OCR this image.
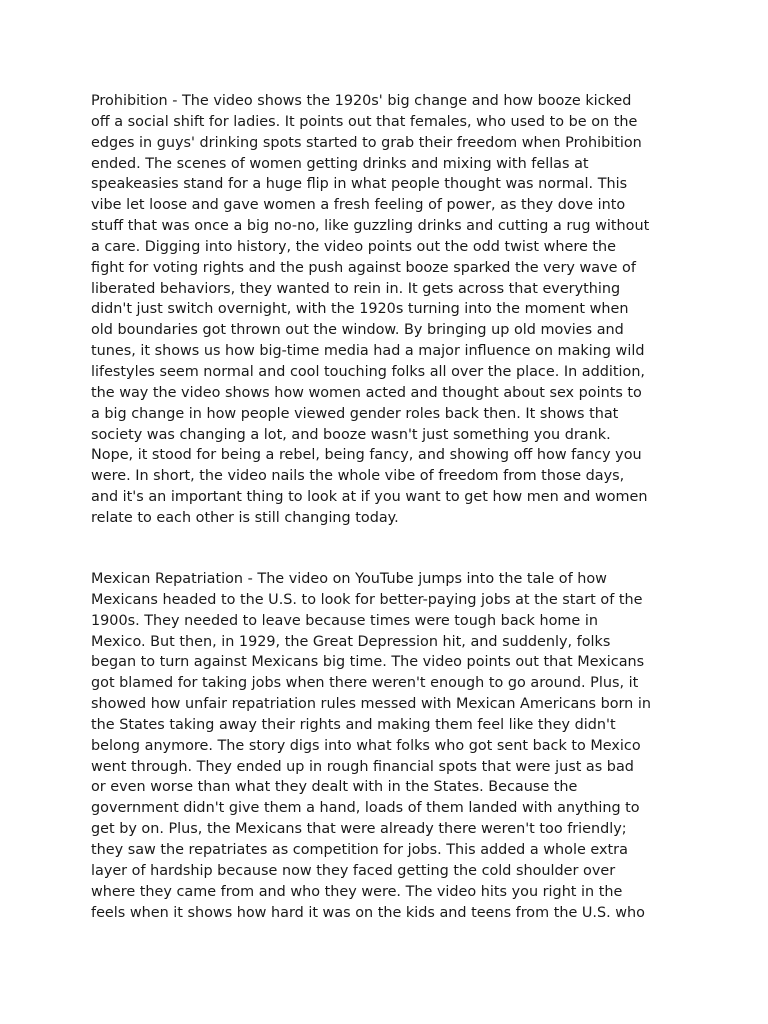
Prohibition - The video shows the 1920s' big change and how booze kicked
off a social shift for ladies. It points out that females, who used to be on the
edges in guys' drinking spots started to grab their freedom when Prohibition
ended. The scenes of women getting drinks and mixing with fellas at
speakeasies stand for a huge flip in what people thought was normal. This
vibe let loose and gave women a fresh feeling of power, as they dove into
stuff that was once a big no-no, like guzzling drinks and cutting a rug without
a care. Digging into history, the video points out the odd twist where the
fight for voting rights and the push against booze sparked the very wave of
liberated behaviors, they wanted to rein in. It gets across that everything
didn't just switch overnight, with the 1920s turning into the moment when
old boundaries got thrown out the window. By bringing up old movies and
tunes, it shows us how big-time media had a major influence on making wild
lifestyles seem normal and cool touching folks all over the place. In addition,
the way the video shows how women acted and thought about sex points to
a big change in how people viewed gender roles back then. It shows that
society was changing a lot, and booze wasn't just something you drank.
Nope, it stood for being a rebel, being fancy, and showing off how fancy you
were. In short, the video nails the whole vibe of freedom from those days,
and it's an important thing to look at if you want to get how men and women
relate to each other is still changing today.

Mexican Repatriation - The video on YouTube jumps into the tale of how
Mexicans headed to the U.S. to look for better-paying jobs at the start of the
1900s. They needed to leave because times were tough back home in
Mexico. But then, in 1929, the Great Depression hit, and suddenly, folks
began to turn against Mexicans big time. The video points out that Mexicans
got blamed for taking jobs when there weren't enough to go around. Plus, it
showed how unfair repatriation rules messed with Mexican Americans born in
the States taking away their rights and making them feel like they didn't
belong anymore. The story digs into what folks who got sent back to Mexico
went through. They ended up in rough financial spots that were just as bad
or even worse than what they dealt with in the States. Because the
government didn't give them a hand, loads of them landed with anything to
get by on. Plus, the Mexicans that were already there weren't too friendly;
they saw the repatriates as competition for jobs. This added a whole extra
layer of hardship because now they faced getting the cold shoulder over
where they came from and who they were. The video hits you right in the
feels when it shows how hard it was on the kids and teens from the U.S. who
